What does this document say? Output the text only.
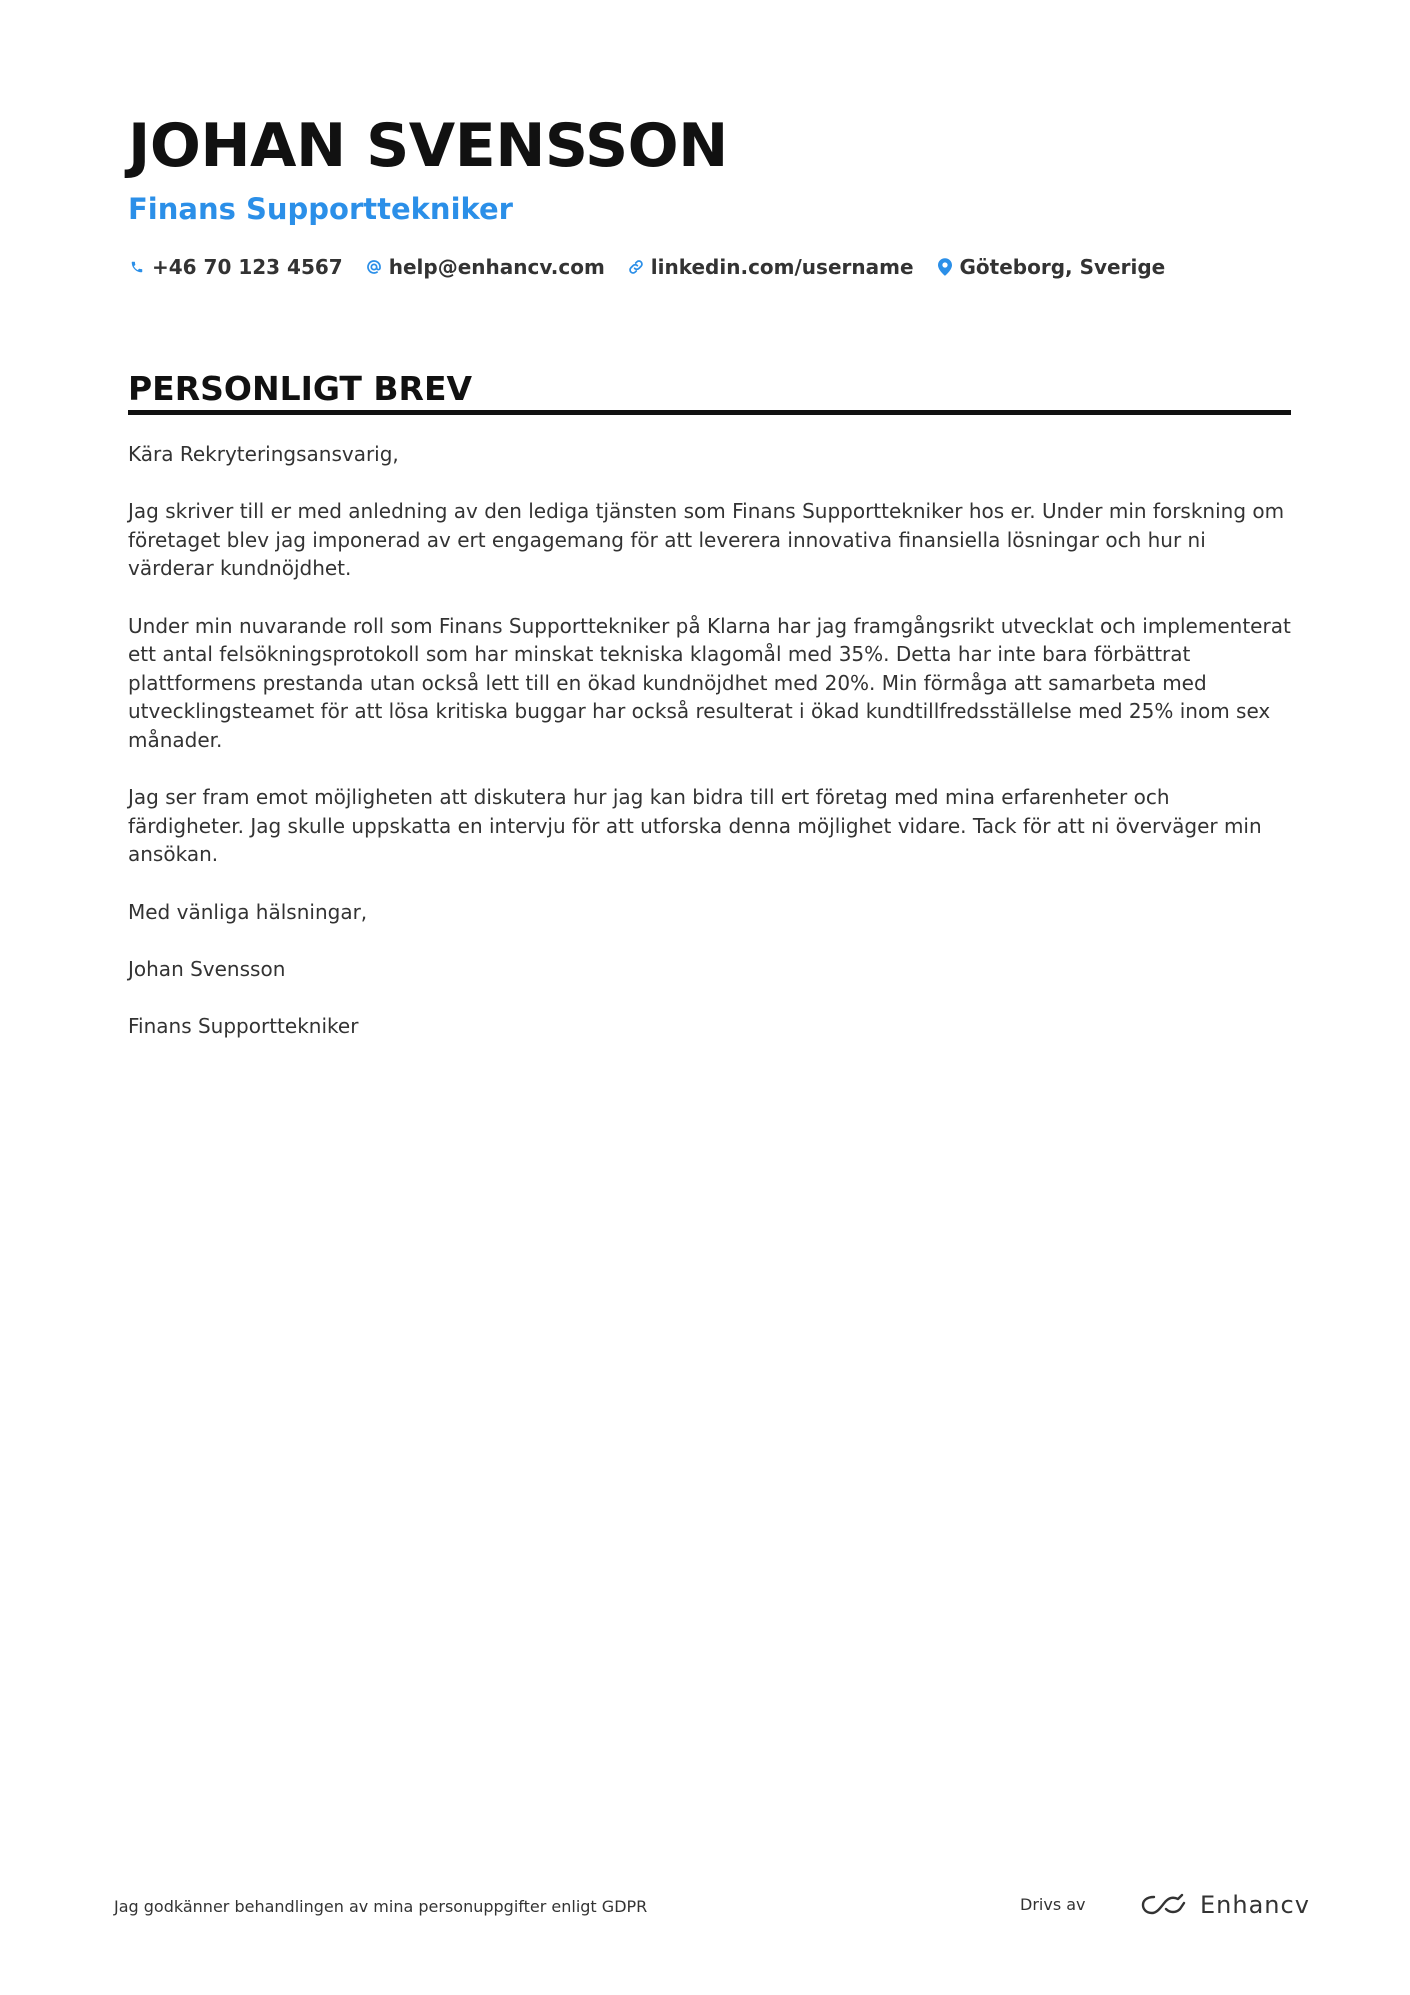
JOHAN SVENSSON
Finans Supporttekniker
+46 70 123 4567 help@enhancv.com linkedin.com/username Göteborg, Sverige
PERSONLIGT BREV

Kära Rekryteringsansvarig,

Jag skriver till er med anledning av den lediga tjänsten som Finans Supporttekniker hos er. Under min forskning om företaget blev jag imponerad av ert engagemang för att leverera innovativa finansiella lösningar och hur ni värderar kundnöjdhet.

Under min nuvarande roll som Finans Supporttekniker på Klarna har jag framgångsrikt utvecklat och implementerat ett antal felsökningsprotokoll som har minskat tekniska klagomål med 35%. Detta har inte bara förbättrat plattformens prestanda utan också lett till en ökad kundnöjdhet med 20%. Min förmåga att samarbeta med utvecklingsteamet för att lösa kritiska buggar har också resulterat i ökad kundtillfredsställelse med 25% inom sex månader.

Jag ser fram emot möjligheten att diskutera hur jag kan bidra till ert företag med mina erfarenheter och färdigheter. Jag skulle uppskatta en intervju för att utforska denna möjlighet vidare. Tack för att ni överväger min ansökan.

Med vänliga hälsningar,

Johan Svensson

Finans Supporttekniker

Jag godkänner behandlingen av mina personuppgifter enligt GDPR	Drivs av	Enhancv
